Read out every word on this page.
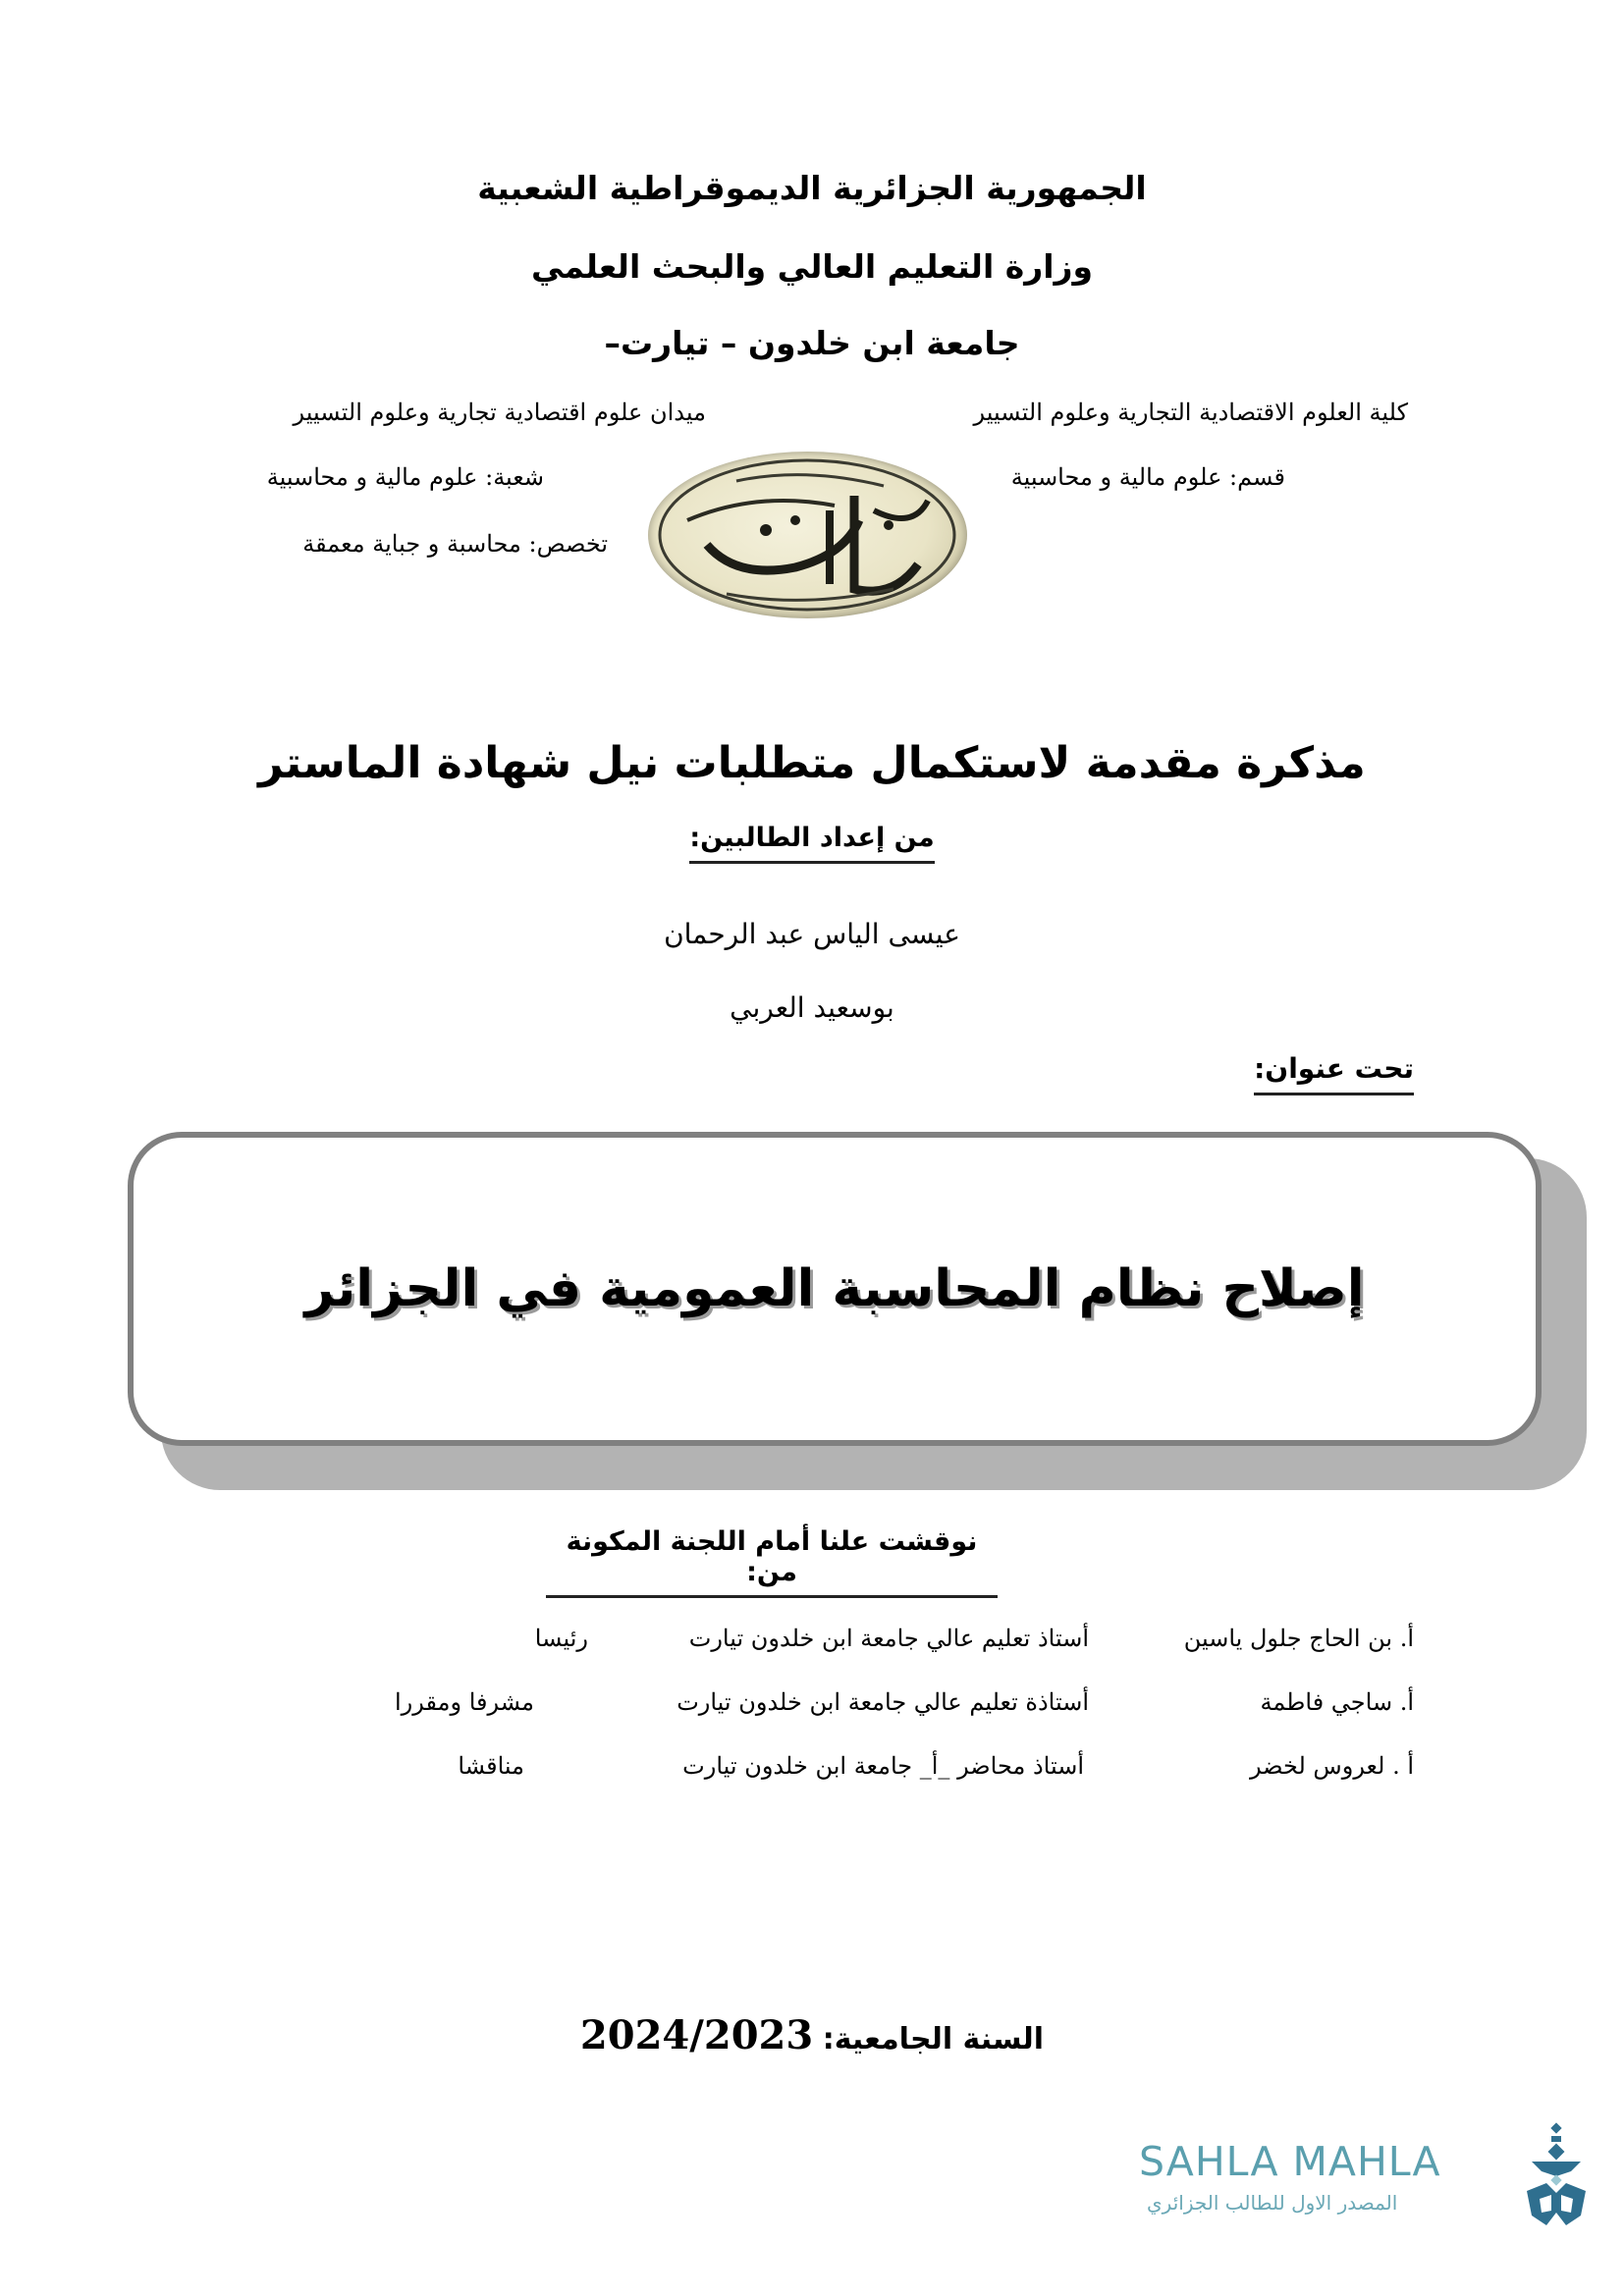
الجمهورية الجزائرية الديموقراطية الشعبية
وزارة التعليم العالي والبحث العلمي
جامعة ابن خلدون – تيارت–
كلية العلوم الاقتصادية التجارية وعلوم التسيير
ميدان علوم اقتصادية تجارية وعلوم التسيير
قسم: علوم مالية و محاسبية
شعبة: علوم مالية و محاسبية
تخصص: محاسبة و جباية معمقة
مذكرة مقدمة لاستكمال متطلبات نيل شهادة الماستر
من إعداد الطالبين:
عيسى الياس عبد الرحمان
بوسعيد العربي
تحت عنوان:
إصلاح نظام المحاسبة العمومية في الجزائر
نوقشت علنا أمام اللجنة المكونة من:
أ. بن الحاج جلول ياسين
أستاذ تعليم عالي جامعة ابن خلدون تيارت
رئيسا
أ. ساجي فاطمة
أستاذة تعليم عالي جامعة ابن خلدون تيارت
مشرفا ومقررا
أ . لعروس لخضر
أستاذ محاضر _أ_ جامعة ابن خلدون تيارت
مناقشا
السنة الجامعية: 2024/2023
SAHLA MAHLA
المصدر الاول للطالب الجزائري
